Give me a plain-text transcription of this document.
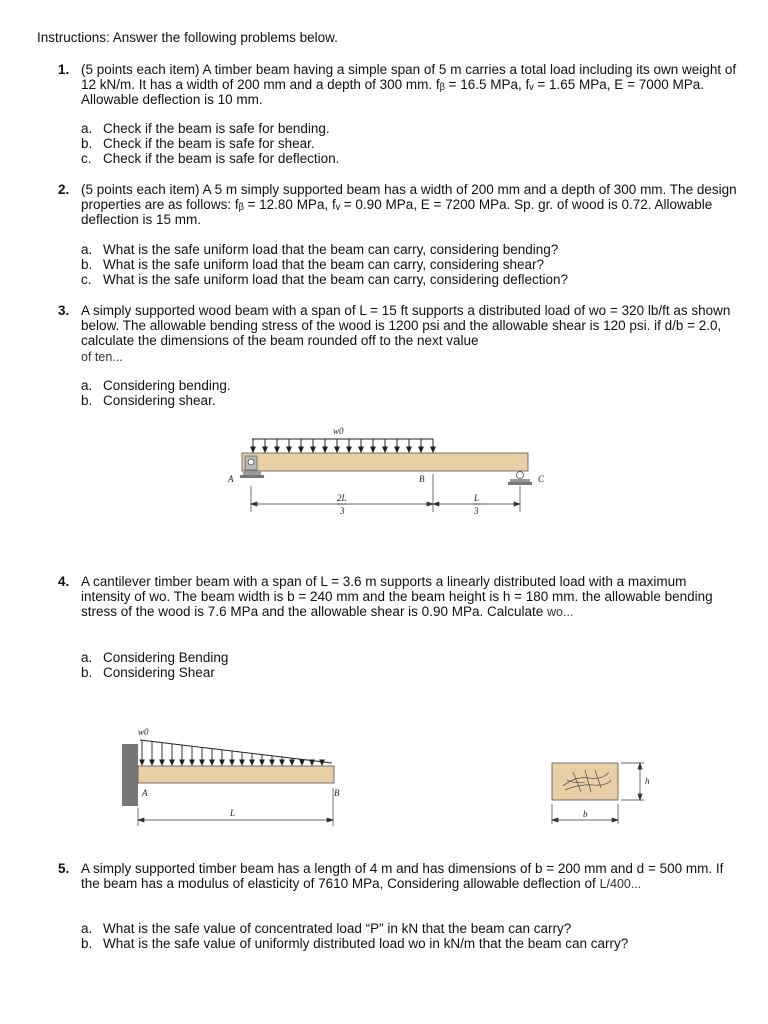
Instructions: Answer the following problems below.
1. (5 points each item) A timber beam having a simple span of 5 m carries a total load including its own weight of 12 kN/m. It has a width of 200 mm and a depth of 300 mm. fᵦ = 16.5 MPa, fᵥ = 1.65 MPa, E = 7000 MPa. Allowable deflection is 10 mm.
a. Check if the beam is safe for bending.
b. Check if the beam is safe for shear.
c. Check if the beam is safe for deflection.
2. (5 points each item) A 5 m simply supported beam has a width of 200 mm and a depth of 300 mm. The design properties are as follows: fᵦ = 12.80 MPa, fᵥ = 0.90 MPa, E = 7200 MPa. Sp. gr. of wood is 0.72. Allowable deflection is 15 mm.
a. What is the safe uniform load that the beam can carry, considering bending?
b. What is the safe uniform load that the beam can carry, considering shear?
c. What is the safe uniform load that the beam can carry, considering deflection?
3. A simply supported wood beam with a span of L = 15 ft supports a distributed load of wo = 320 lb/ft as shown below. The allowable bending stress of the wood is 1200 psi and the allowable shear is 120 psi. if d/b = 2.0, calculate the dimensions of the beam rounded off to the next value
of ten...
a. Considering bending.
b. Considering shear.
w0
A	B	C
2L
3
L
3
4. A cantilever timber beam with a span of L = 3.6 m supports a linearly distributed load with a maximum intensity of wo. The beam width is b = 240 mm and the beam height is h = 180 mm. the allowable bending stress of the wood is 7.6 MPa and the allowable shear is 0.90 MPa. Calculate wo...
a. Considering Bending
b. Considering Shear
w0
A	B
L
h
b
5. A simply supported timber beam has a length of 4 m and has dimensions of b = 200 mm and d = 500 mm. If the beam has a modulus of elasticity of 7610 MPa, Considering allowable deflection of L/400...
a. What is the safe value of concentrated load “P” in kN that the beam can carry?
b. What is the safe value of uniformly distributed load wo in kN/m that the beam can carry?
